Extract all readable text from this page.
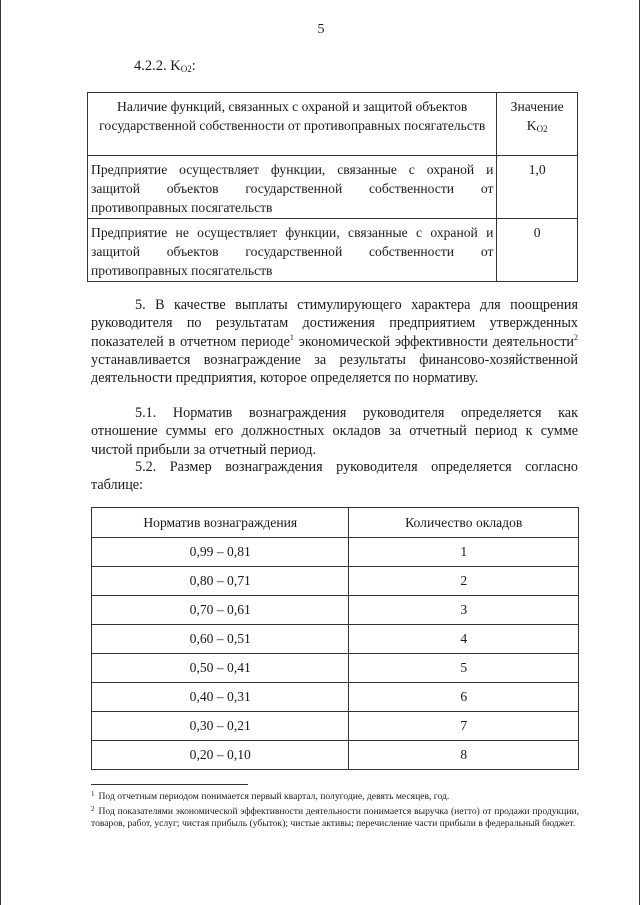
5
4.2.2. $K_{O2}$:
Наличие функций, связанных с охраной и защитой объектов государственной собственности от противоправных посягательств	Значение
$K_{O2}$
Предприятие осуществляет функции, связанные с охраной и защитой объектов государственной собственности от противоправных посягательств	1,0
Предприятие не осуществляет функции, связанные с охраной и защитой объектов государственной собственности от противоправных посягательств	0
5. В качестве выплаты стимулирующего характера для поощрения руководителя по результатам достижения предприятием утвержденных показателей в отчетном периоде$^1$ экономической эффективности деятельности$^2$ устанавливается вознаграждение за результаты финансово-хозяйственной деятельности предприятия, которое определяется по нормативу.
5.1. Норматив вознаграждения руководителя определяется как отношение суммы его должностных окладов за отчетный период к сумме чистой прибыли за отчетный период.
5.2. Размер вознаграждения руководителя определяется согласно таблице:
Норматив вознаграждения	Количество окладов
0,99 – 0,81	1
0,80 – 0,71	2
0,70 – 0,61	3
0,60 – 0,51	4
0,50 – 0,41	5
0,40 – 0,31	6
0,30 – 0,21	7
0,20 – 0,10	8

$^1$ Под отчетным периодом понимается первый квартал, полугодие, девять месяцев, год.

$^2$ Под показателями экономической эффективности деятельности понимается выручка (нетто) от продажи продукции, товаров, работ, услуг; чистая прибыль (убыток); чистые активы; перечисление части прибыли в федеральный бюджет.
